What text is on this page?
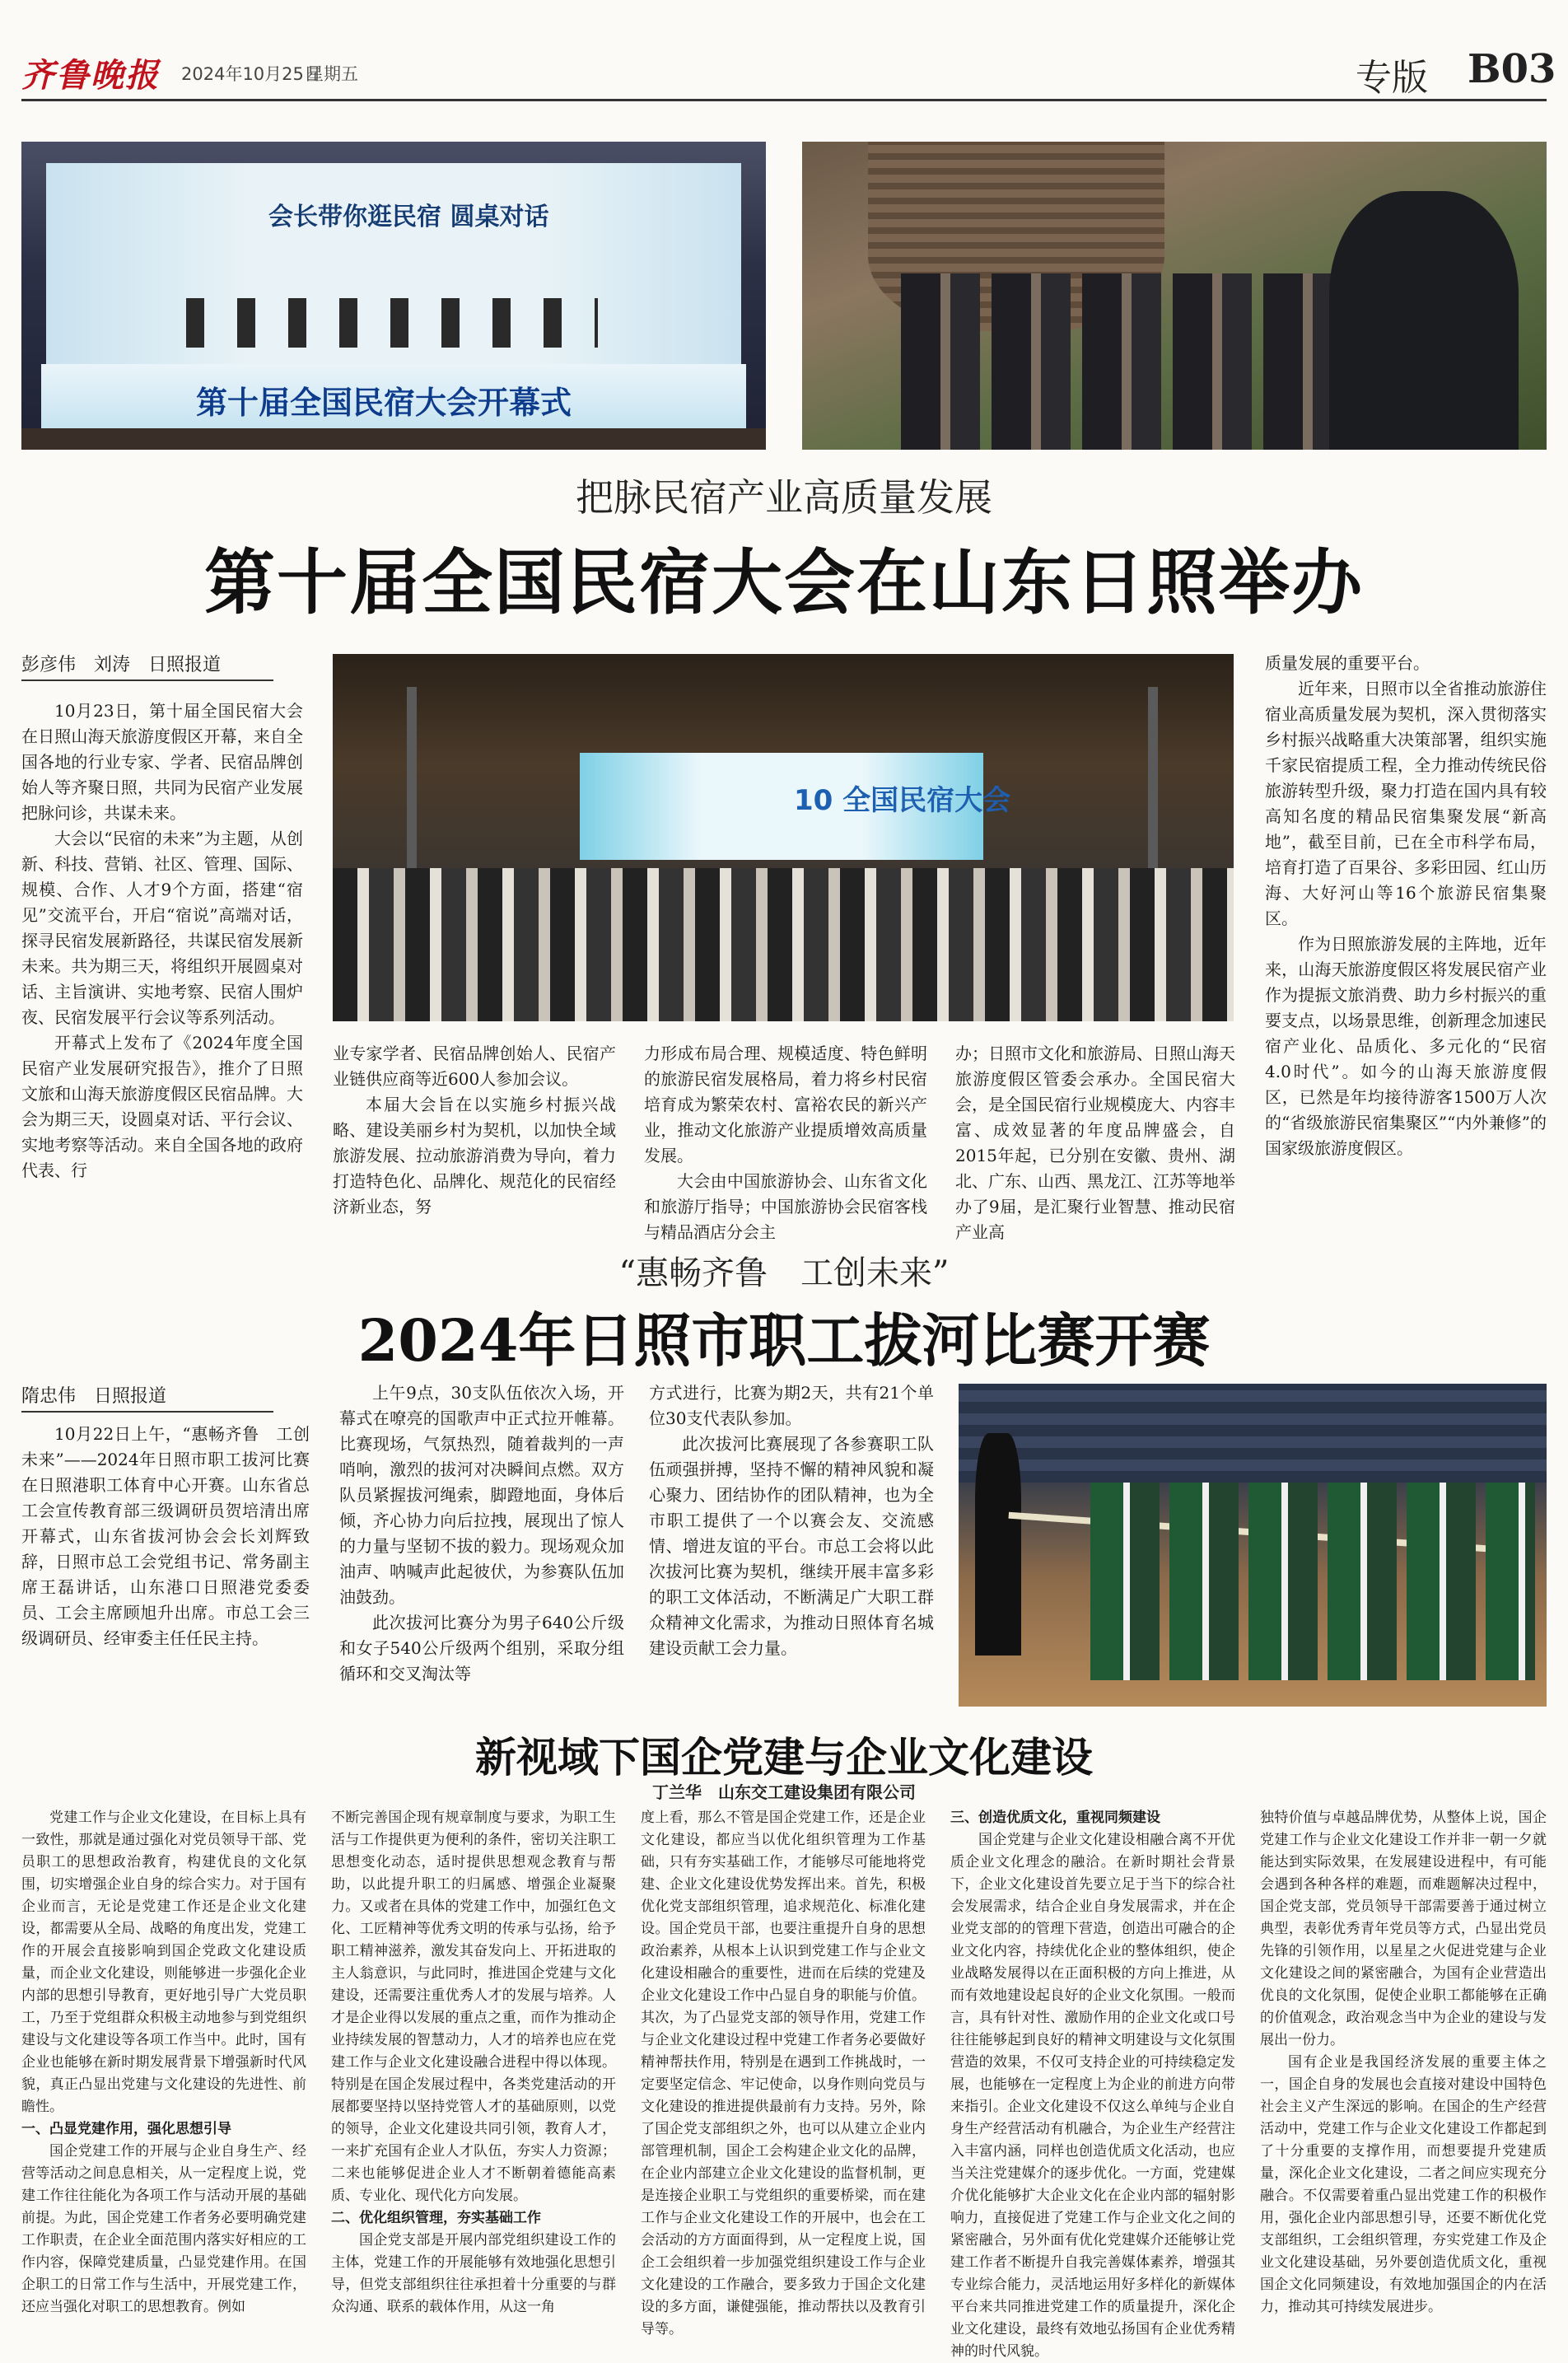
齐鲁晚报 2024年10月25日
星期五	专版 B03
会长带你逛民宿 圆桌对话
第十届全国民宿大会开幕式
把脉民宿产业高质量发展
第十届全国民宿大会在山东日照举办
彭彦伟　刘涛　日照报道

10月23日，第十届全国民宿大会在日照山海天旅游度假区开幕，来自全国各地的行业专家、学者、民宿品牌创始人等齐聚日照，共同为民宿产业发展把脉问诊，共谋未来。

大会以“民宿的未来”为主题，从创新、科技、营销、社区、管理、国际、规模、合作、人才9个方面，搭建“宿见”交流平台，开启“宿说”高端对话，探寻民宿发展新路径，共谋民宿发展新未来。共为期三天，将组织开展圆桌对话、主旨演讲、实地考察、民宿人围炉夜、民宿发展平行会议等系列活动。

开幕式上发布了《2024年度全国民宿产业发展研究报告》，推介了日照文旅和山海天旅游度假区民宿品牌。大会为期三天，设圆桌对话、平行会议、实地考察等活动。来自全国各地的政府代表、行

10 全国民宿大会

业专家学者、民宿品牌创始人、民宿产业链供应商等近600人参加会议。

本届大会旨在以实施乡村振兴战略、建设美丽乡村为契机，以加快全域旅游发展、拉动旅游消费为导向，着力打造特色化、品牌化、规范化的民宿经济新业态，努

力形成布局合理、规模适度、特色鲜明的旅游民宿发展格局，着力将乡村民宿培育成为繁荣农村、富裕农民的新兴产业，推动文化旅游产业提质增效高质量发展。

大会由中国旅游协会、山东省文化和旅游厅指导；中国旅游协会民宿客栈与精品酒店分会主

办；日照市文化和旅游局、日照山海天旅游度假区管委会承办。全国民宿大会，是全国民宿行业规模庞大、内容丰富、成效显著的年度品牌盛会，自2015年起，已分别在安徽、贵州、湖北、广东、山西、黑龙江、江苏等地举办了9届，是汇聚行业智慧、推动民宿产业高

质量发展的重要平台。

近年来，日照市以全省推动旅游住宿业高质量发展为契机，深入贯彻落实乡村振兴战略重大决策部署，组织实施千家民宿提质工程，全力推动传统民俗旅游转型升级，聚力打造在国内具有较高知名度的精品民宿集聚发展“新高地”，截至目前，已在全市科学布局，培育打造了百果谷、多彩田园、红山历海、大好河山等16个旅游民宿集聚区。

作为日照旅游发展的主阵地，近年来，山海天旅游度假区将发展民宿产业作为提振文旅消费、助力乡村振兴的重要支点，以场景思维，创新理念加速民宿产业化、品质化、多元化的“民宿4.0时代”。如今的山海天旅游度假区，已然是年均接待游客1500万人次的“省级旅游民宿集聚区”“内外兼修”的国家级旅游度假区。

“惠畅齐鲁　工创未来”
2024年日照市职工拔河比赛开赛
隋忠伟　日照报道

10月22日上午，“惠畅齐鲁　工创未来”——2024年日照市职工拔河比赛在日照港职工体育中心开赛。山东省总工会宣传教育部三级调研员贺培清出席开幕式，山东省拔河协会会长刘辉致辞，日照市总工会党组书记、常务副主席王磊讲话，山东港口日照港党委委员、工会主席顾旭升出席。市总工会三级调研员、经审委主任任民主持。

上午9点，30支队伍依次入场，开幕式在嘹亮的国歌声中正式拉开帷幕。比赛现场，气氛热烈，随着裁判的一声哨响，激烈的拔河对决瞬间点燃。双方队员紧握拔河绳索，脚蹬地面，身体后倾，齐心协力向后拉拽，展现出了惊人的力量与坚韧不拔的毅力。现场观众加油声、呐喊声此起彼伏，为参赛队伍加油鼓劲。

此次拔河比赛分为男子640公斤级和女子540公斤级两个组别，采取分组循环和交叉淘汰等

方式进行，比赛为期2天，共有21个单位30支代表队参加。

此次拔河比赛展现了各参赛职工队伍顽强拼搏，坚持不懈的精神风貌和凝心聚力、团结协作的团队精神，也为全市职工提供了一个以赛会友、交流感情、增进友谊的平台。市总工会将以此次拔河比赛为契机，继续开展丰富多彩的职工文体活动，不断满足广大职工群众精神文化需求，为推动日照体育名城建设贡献工会力量。

新视域下国企党建与企业文化建设
丁兰华　山东交工建设集团有限公司

党建工作与企业文化建设，在目标上具有一致性，那就是通过强化对党员领导干部、党员职工的思想政治教育，构建优良的文化氛围，切实增强企业自身的综合实力。对于国有企业而言，无论是党建工作还是企业文化建设，都需要从全局、战略的角度出发，党建工作的开展会直接影响到国企党政文化建设质量，而企业文化建设，则能够进一步强化企业内部的思想引导教育，更好地引导广大党员职工，乃至于党组群众积极主动地参与到党组织建设与文化建设等各项工作当中。此时，国有企业也能够在新时期发展背景下增强新时代风貌，真正凸显出党建与文化建设的先进性、前瞻性。

一、凸显党建作用，强化思想引导

国企党建工作的开展与企业自身生产、经营等活动之间息息相关，从一定程度上说，党建工作往往能化为各项工作与活动开展的基础前提。为此，国企党建工作者务必要明确党建工作职责，在企业全面范围内落实好相应的工作内容，保障党建质量，凸显党建作用。在国企职工的日常工作与生活中，开展党建工作，还应当强化对职工的思想教育。例如

不断完善国企现有规章制度与要求，为职工生活与工作提供更为便利的条件，密切关注职工思想变化动态，适时提供思想观念教育与帮助，以此提升职工的归属感、增强企业凝聚力。又或者在具体的党建工作中，加强红色文化、工匠精神等优秀文明的传承与弘扬，给予职工精神滋养，激发其奋发向上、开拓进取的主人翁意识，与此同时，推进国企党建与文化建设，还需要注重优秀人才的发展与培养。人才是企业得以发展的重点之重，而作为推动企业持续发展的智慧动力，人才的培养也应在党建工作与企业文化建设融合进程中得以体现。特别是在国企发展过程中，各类党建活动的开展都要坚持以坚持党管人才的基础原则，以党的领导，企业文化建设共同引领，教育人才，一来扩充国有企业人才队伍，夯实人力资源；二来也能够促进企业人才不断朝着德能高素质、专业化、现代化方向发展。

二、优化组织管理，夯实基础工作

国企党支部是开展内部党组织建设工作的主体，党建工作的开展能够有效地强化思想引导，但党支部组织往往承担着十分重要的与群众沟通、联系的载体作用，从这一角

度上看，那么不管是国企党建工作，还是企业文化建设，都应当以优化组织管理为工作基础，只有夯实基础工作，才能够尽可能地将党建、企业文化建设优势发挥出来。首先，积极优化党支部组织管理，追求规范化、标准化建设。国企党员干部，也要注重提升自身的思想政治素养，从根本上认识到党建工作与企业文化建设相融合的重要性，进而在后续的党建及企业文化建设工作中凸显自身的职能与价值。其次，为了凸显党支部的领导作用，党建工作与企业文化建设过程中党建工作者务必要做好精神帮扶作用，特别是在遇到工作挑战时，一定要坚定信念、牢记使命，以身作则向党员与文化建设的推进提供最前有力支持。另外，除了国企党支部组织之外，也可以从建立企业内部管理机制，国企工会构建企业文化的品牌，在企业内部建立企业文化建设的监督机制，更是连接企业职工与党组织的重要桥梁，而在建工作与企业文化建设工作的开展中，也会在工会活动的方方面面得到，从一定程度上说，国企工会组织着一步加强党组织建设工作与企业文化建设的工作融合，要多致力于国企文化建设的多方面，谦健强能，推动帮扶以及教育引导等。

三、创造优质文化，重视同频建设

国企党建与企业文化建设相融合离不开优质企业文化理念的融洽。在新时期社会背景下，企业文化建设首先要立足于当下的综合社会发展需求，结合企业自身发展需求，并在企业党支部的的管理下营造，创造出可融合的企业文化内容，持续优化企业的整体组织，使企业战略发展得以在正面积极的方向上推进，从而有效地建设起良好的企业文化氛围。一般而言，具有针对性、激励作用的企业文化或口号往往能够起到良好的精神文明建设与文化氛围营造的效果，不仅可支持企业的可持续稳定发展，也能够在一定程度上为企业的前进方向带来指引。企业文化建设不仅这么单纯与企业自身生产经营活动有机融合，为企业生产经营注入丰富内涵，同样也创造优质文化活动，也应当关注党建媒介的逐步优化。一方面，党建媒介优化能够扩大企业文化在企业内部的辐射影响力，直接促进了党建工作与企业文化之间的紧密融合，另外面有优化党建媒介还能够让党建工作者不断提升自我完善媒体素养，增强其专业综合能力，灵活地运用好多样化的新媒体平台来共同推进党建工作的质量提升，深化企业文化建设，最终有效地弘扬国有企业优秀精神的时代风貌。

独特价值与卓越品牌优势，从整体上说，国企党建工作与企业文化建设工作并非一朝一夕就能达到实际效果，在发展建设进程中，有可能会遇到各种各样的难题，而难题解决过程中，国企党支部，党员领导干部需要善于通过树立典型，表彰优秀青年党员等方式，凸显出党员先锋的引领作用，以星星之火促进党建与企业文化建设之间的紧密融合，为国有企业营造出优良的文化氛围，促使企业职工都能够在正确的价值观念，政治观念当中为企业的建设与发展出一份力。

国有企业是我国经济发展的重要主体之一，国企自身的发展也会直接对建设中国特色社会主义产生深远的影响。在国企的生产经营活动中，党建工作与企业文化建设工作都起到了十分重要的支撑作用，而想要提升党建质量，深化企业文化建设，二者之间应实现充分融合。不仅需要着重凸显出党建工作的积极作用，强化企业内部思想引导，还要不断优化党支部组织，工会组织管理，夯实党建工作及企业文化建设基础，另外要创造优质文化，重视国企文化同频建设，有效地加强国企的内在活力，推动其可持续发展进步。
